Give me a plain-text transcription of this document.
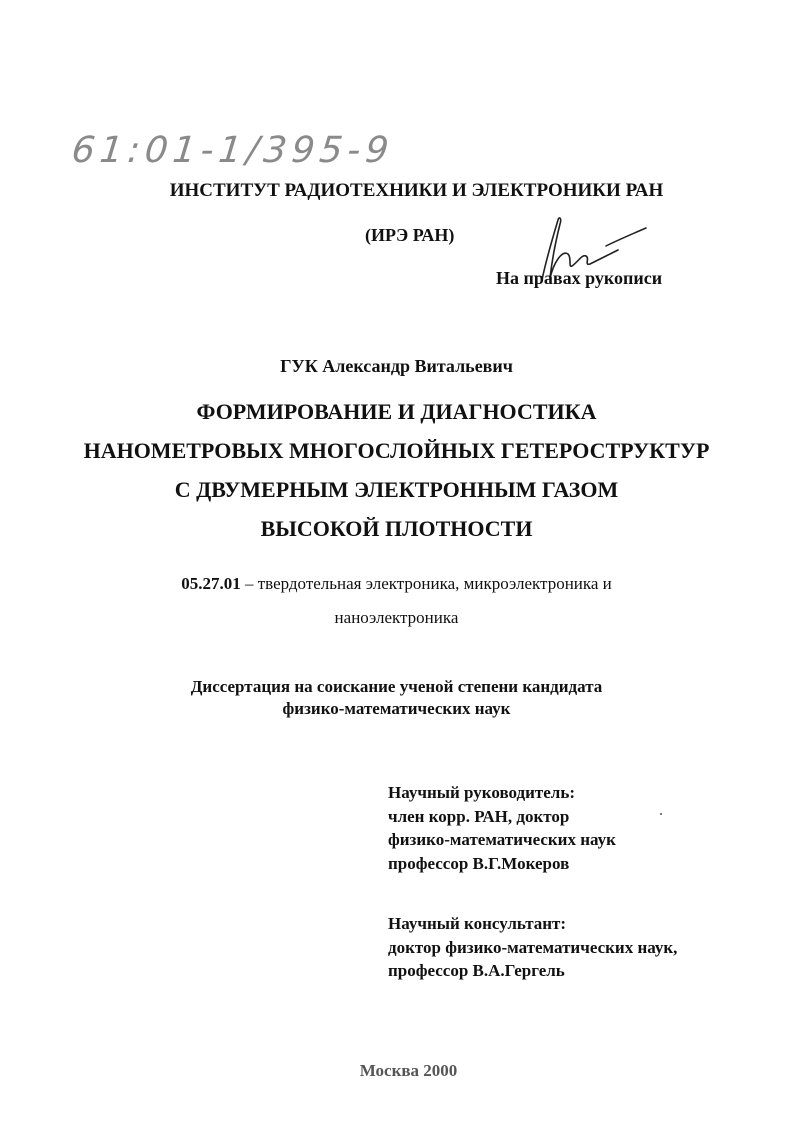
61:01-1/395-9
ИНСТИТУТ РАДИОТЕХНИКИ И ЭЛЕКТРОНИКИ РАН
(ИРЭ РАН)
На правах рукописи
ГУК Александр Витальевич
ФОРМИРОВАНИЕ И ДИАГНОСТИКА
НАНОМЕТРОВЫХ МНОГОСЛОЙНЫХ ГЕТЕРОСТРУКТУР
С ДВУМЕРНЫМ ЭЛЕКТРОННЫМ ГАЗОМ
ВЫСОКОЙ ПЛОТНОСТИ
05.27.01 – твердотельная электроника, микроэлектроника и
наноэлектроника
Диссертация на соискание ученой степени кандидата
физико-математических наук
Научный руководитель:
член корр. РАН, доктор
физико-математических наук
профессор В.Г.Мокеров
Научный консультант:
доктор физико-математических наук,
профессор В.А.Гергель
Москва 2000
